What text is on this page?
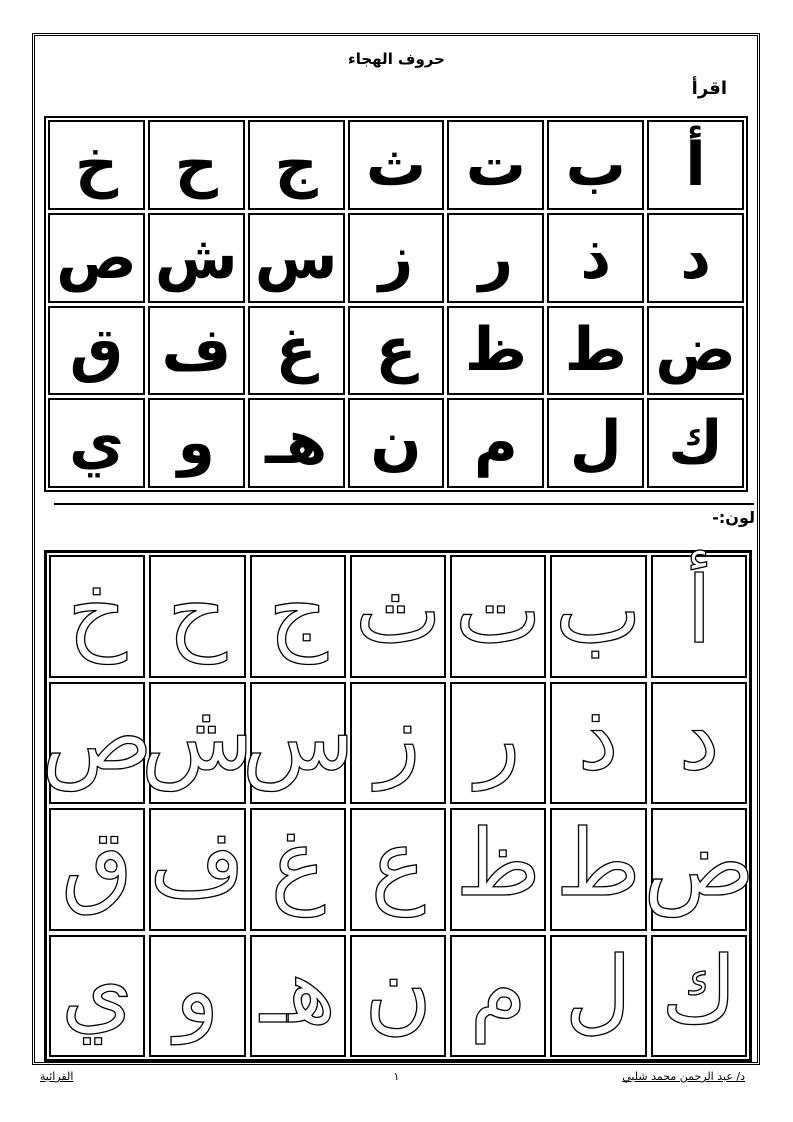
حروف الهجاء
اقرأ
أ
ب
ت
ث
ج
ح
خ
د
ذ
ر
ز
س
ش
ص
ض
ط
ظ
ع
غ
ف
ق
ك
ل
م
ن
هـ
و
ي
لون:-
أ
ب
ت
ث
ج
ح
خ
د
ذ
ر
ز
س
ش
ص
ض
ط
ظ
ع
غ
ف
ق
ك
ل
م
ن
هـ
و
ي
القرائية	١	د/ عبد الرحمن محمد شلبي
